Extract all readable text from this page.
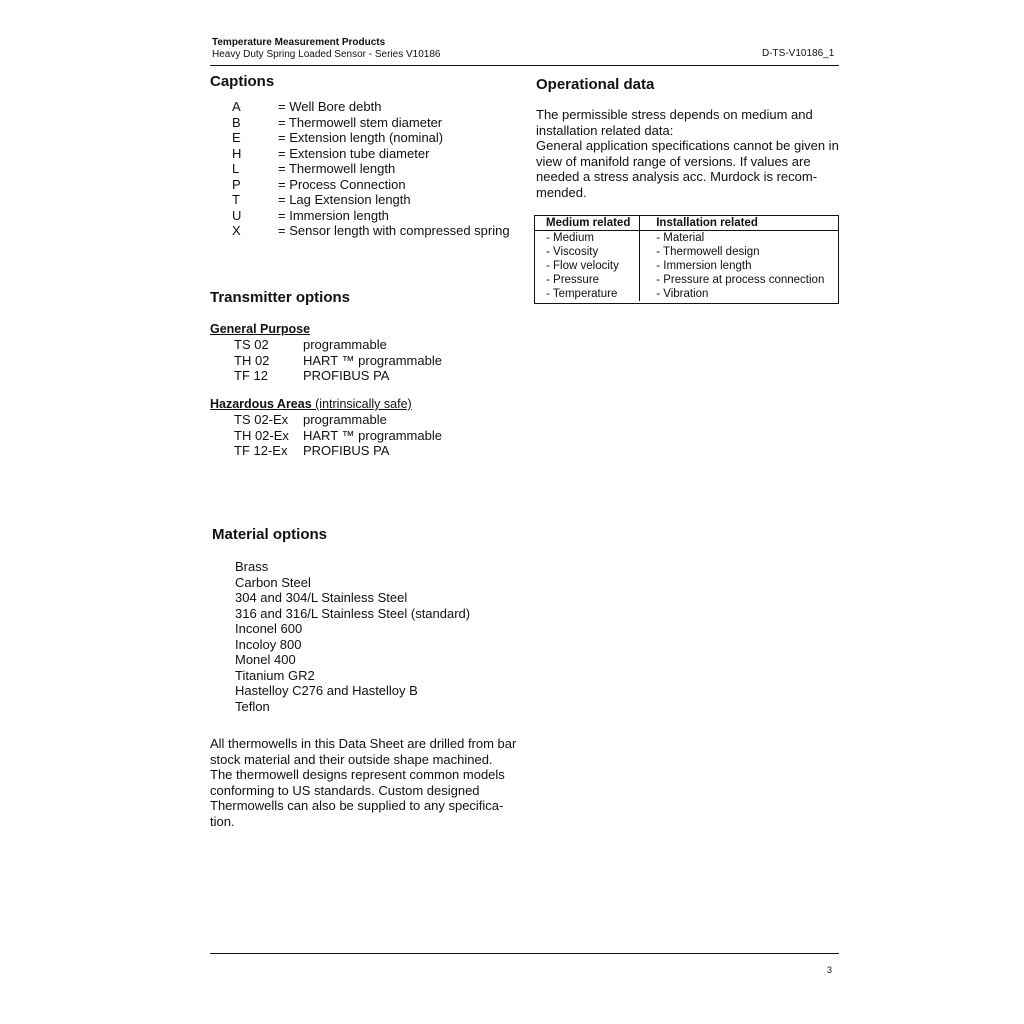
Temperature Measurement Products
Heavy Duty Spring Loaded Sensor - Series V10186	D-TS-V10186_1
Captions
A	= Well Bore debth
B	= Thermowell stem diameter
E	= Extension length (nominal)
H	= Extension tube diameter
L	= Thermowell length
P	= Process Connection
T	= Lag Extension length
U	= Immersion length
X	= Sensor length with compressed spring
Transmitter options
General Purpose
TS 02	programmable
TH 02	HART ™ programmable
TF 12	PROFIBUS PA
Hazardous Areas (intrinsically safe)
TS 02-Ex	programmable
TH 02-Ex	HART ™ programmable
TF 12-Ex	PROFIBUS PA
Material options
Brass
Carbon Steel
304 and 304/L Stainless Steel
316 and 316/L Stainless Steel (standard)
Inconel 600
Incoloy 800
Monel 400
Titanium GR2
Hastelloy C276 and Hastelloy B
Teflon
All thermowells in this Data Sheet are drilled from bar
stock material and their outside shape machined.
The thermowell designs represent common models
conforming to US standards. Custom designed
Thermowells can also be supplied to any specifica-
tion.
Operational data
The permissible stress depends on medium and
installation related data:
General application specifications cannot be given in
view of manifold range of versions. If values are
needed a stress analysis acc. Murdock is recom-
mended.
Medium related	Installation related
- Medium	- Material
- Viscosity	- Thermowell design
- Flow velocity	- Immersion length
- Pressure	- Pressure at process connection
- Temperature	- Vibration
3
